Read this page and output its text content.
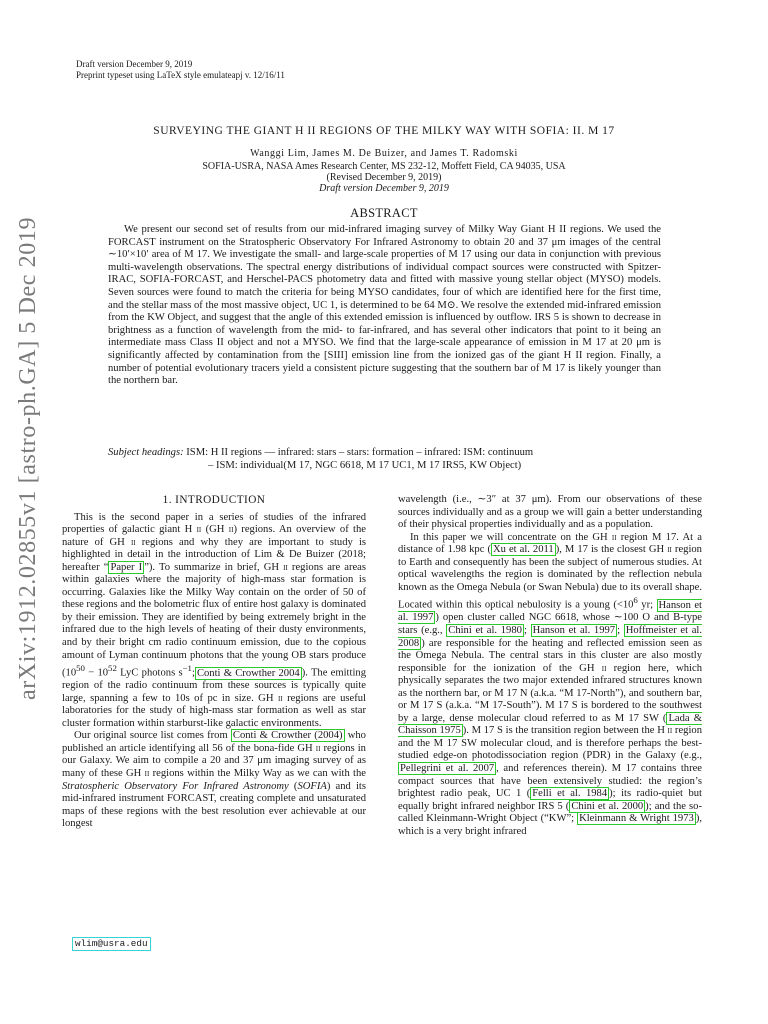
Draft version December 9, 2019
Preprint typeset using LaTeX style emulateapj v. 12/16/11
arXiv:1912.02855v1 [astro-ph.GA] 5 Dec 2019
SURVEYING THE GIANT H II REGIONS OF THE MILKY WAY WITH SOFIA: II. M 17
Wanggi Lim, James M. De Buizer, and James T. Radomski
SOFIA-USRA, NASA Ames Research Center, MS 232-12, Moffett Field, CA 94035, USA
(Revised December 9, 2019)
Draft version December 9, 2019
ABSTRACT
We present our second set of results from our mid-infrared imaging survey of Milky Way Giant H II regions. We used the FORCAST instrument on the Stratospheric Observatory For Infrared Astronomy to obtain 20 and 37 μm images of the central ∼10′×10′ area of M 17. We investigate the small- and large-scale properties of M 17 using our data in conjunction with previous multi-wavelength observations. The spectral energy distributions of individual compact sources were constructed with Spitzer-IRAC, SOFIA-FORCAST, and Herschel-PACS photometry data and fitted with massive young stellar object (MYSO) models. Seven sources were found to match the criteria for being MYSO candidates, four of which are identified here for the first time, and the stellar mass of the most massive object, UC 1, is determined to be 64 M⊙. We resolve the extended mid-infrared emission from the KW Object, and suggest that the angle of this extended emission is influenced by outflow. IRS 5 is shown to decrease in brightness as a function of wavelength from the mid- to far-infrared, and has several other indicators that point to it being an intermediate mass Class II object and not a MYSO. We find that the large-scale appearance of emission in M 17 at 20 μm is significantly affected by contamination from the [SIII] emission line from the ionized gas of the giant H II region. Finally, a number of potential evolutionary tracers yield a consistent picture suggesting that the southern bar of M 17 is likely younger than the northern bar.
Subject headings: ISM: H II regions — infrared: stars – stars: formation – infrared: ISM: continuum
– ISM: individual(M 17, NGC 6618, M 17 UC1, M 17 IRS5, KW Object)
1. INTRODUCTION

This is the second paper in a series of studies of the infrared properties of galactic giant H ii (GH ii) regions. An overview of the nature of GH ii regions and why they are important to study is highlighted in detail in the introduction of Lim & De Buizer (2018; hereafter “ Paper I ”). To summarize in brief, GH ii regions are areas within galaxies where the majority of high-mass star formation is occurring. Galaxies like the Milky Way contain on the order of 50 of these regions and the bolometric flux of entire host galaxy is dominated by their emission. They are identified by being extremely bright in the infrared due to the high levels of heating of their dusty environments, and by their bright cm radio continuum emission, due to the copious amount of Lyman continuum photons that the young OB stars produce ($10^{50} - 10^{52}$ LyC photons $s^{-1}$; Conti & Crowther 2004 ). The emitting region of the radio continuum from these sources is typically quite large, spanning a few to 10s of pc in size. GH ii regions are useful laboratories for the study of high-mass star formation as well as star cluster formation within starburst-like galactic environments.

Our original source list comes from Conti & Crowther (2004) who published an article identifying all 56 of the bona-fide GH ii regions in our Galaxy. We aim to compile a 20 and 37 μm imaging survey of as many of these GH ii regions within the Milky Way as we can with the Stratospheric Observatory For Infrared Astronomy (SOFIA) and its mid-infrared instrument FORCAST, creating complete and unsaturated maps of these regions with the best resolution ever achievable at our longest

wavelength (i.e., ∼3″ at 37 μm). From our observations of these sources individually and as a group we will gain a better understanding of their physical properties individually and as a population.

In this paper we will concentrate on the GH ii region M 17. At a distance of 1.98 kpc ( Xu et al. 2011 ), M 17 is the closest GH ii region to Earth and consequently has been the subject of numerous studies. At optical wavelengths the region is dominated by the reflection nebula known as the Omega Nebula (or Swan Nebula) due to its overall shape. Located within this optical nebulosity is a young ($<10^6$ yr; Hanson et al. 1997 ) open cluster called NGC 6618, whose ∼100 O and B-type stars (e.g., Chini et al. 1980 ; Hanson et al. 1997 ; Hoffmeister et al. 2008 ) are responsible for the heating and reflected emission seen as the Omega Nebula. The central stars in this cluster are also mostly responsible for the ionization of the GH ii region here, which physically separates the two major extended infrared structures known as the northern bar, or M 17 N (a.k.a. “M 17-North”), and southern bar, or M 17 S (a.k.a. “M 17-South”). M 17 S is bordered to the southwest by a large, dense molecular cloud referred to as M 17 SW ( Lada & Chaisson 1975 ). M 17 S is the transition region between the H ii region and the M 17 SW molecular cloud, and is therefore perhaps the best-studied edge-on photodissociation region (PDR) in the Galaxy (e.g., Pellegrini et al. 2007 , and references therein). M 17 contains three compact sources that have been extensively studied: the region’s brightest radio peak, UC 1 ( Felli et al. 1984 ); its radio-quiet but equally bright infrared neighbor IRS 5 ( Chini et al. 2000 ); and the so-called Kleinmann-Wright Object (“KW”; Kleinmann & Wright 1973 ), which is a very bright infrared

wlim@usra.edu
